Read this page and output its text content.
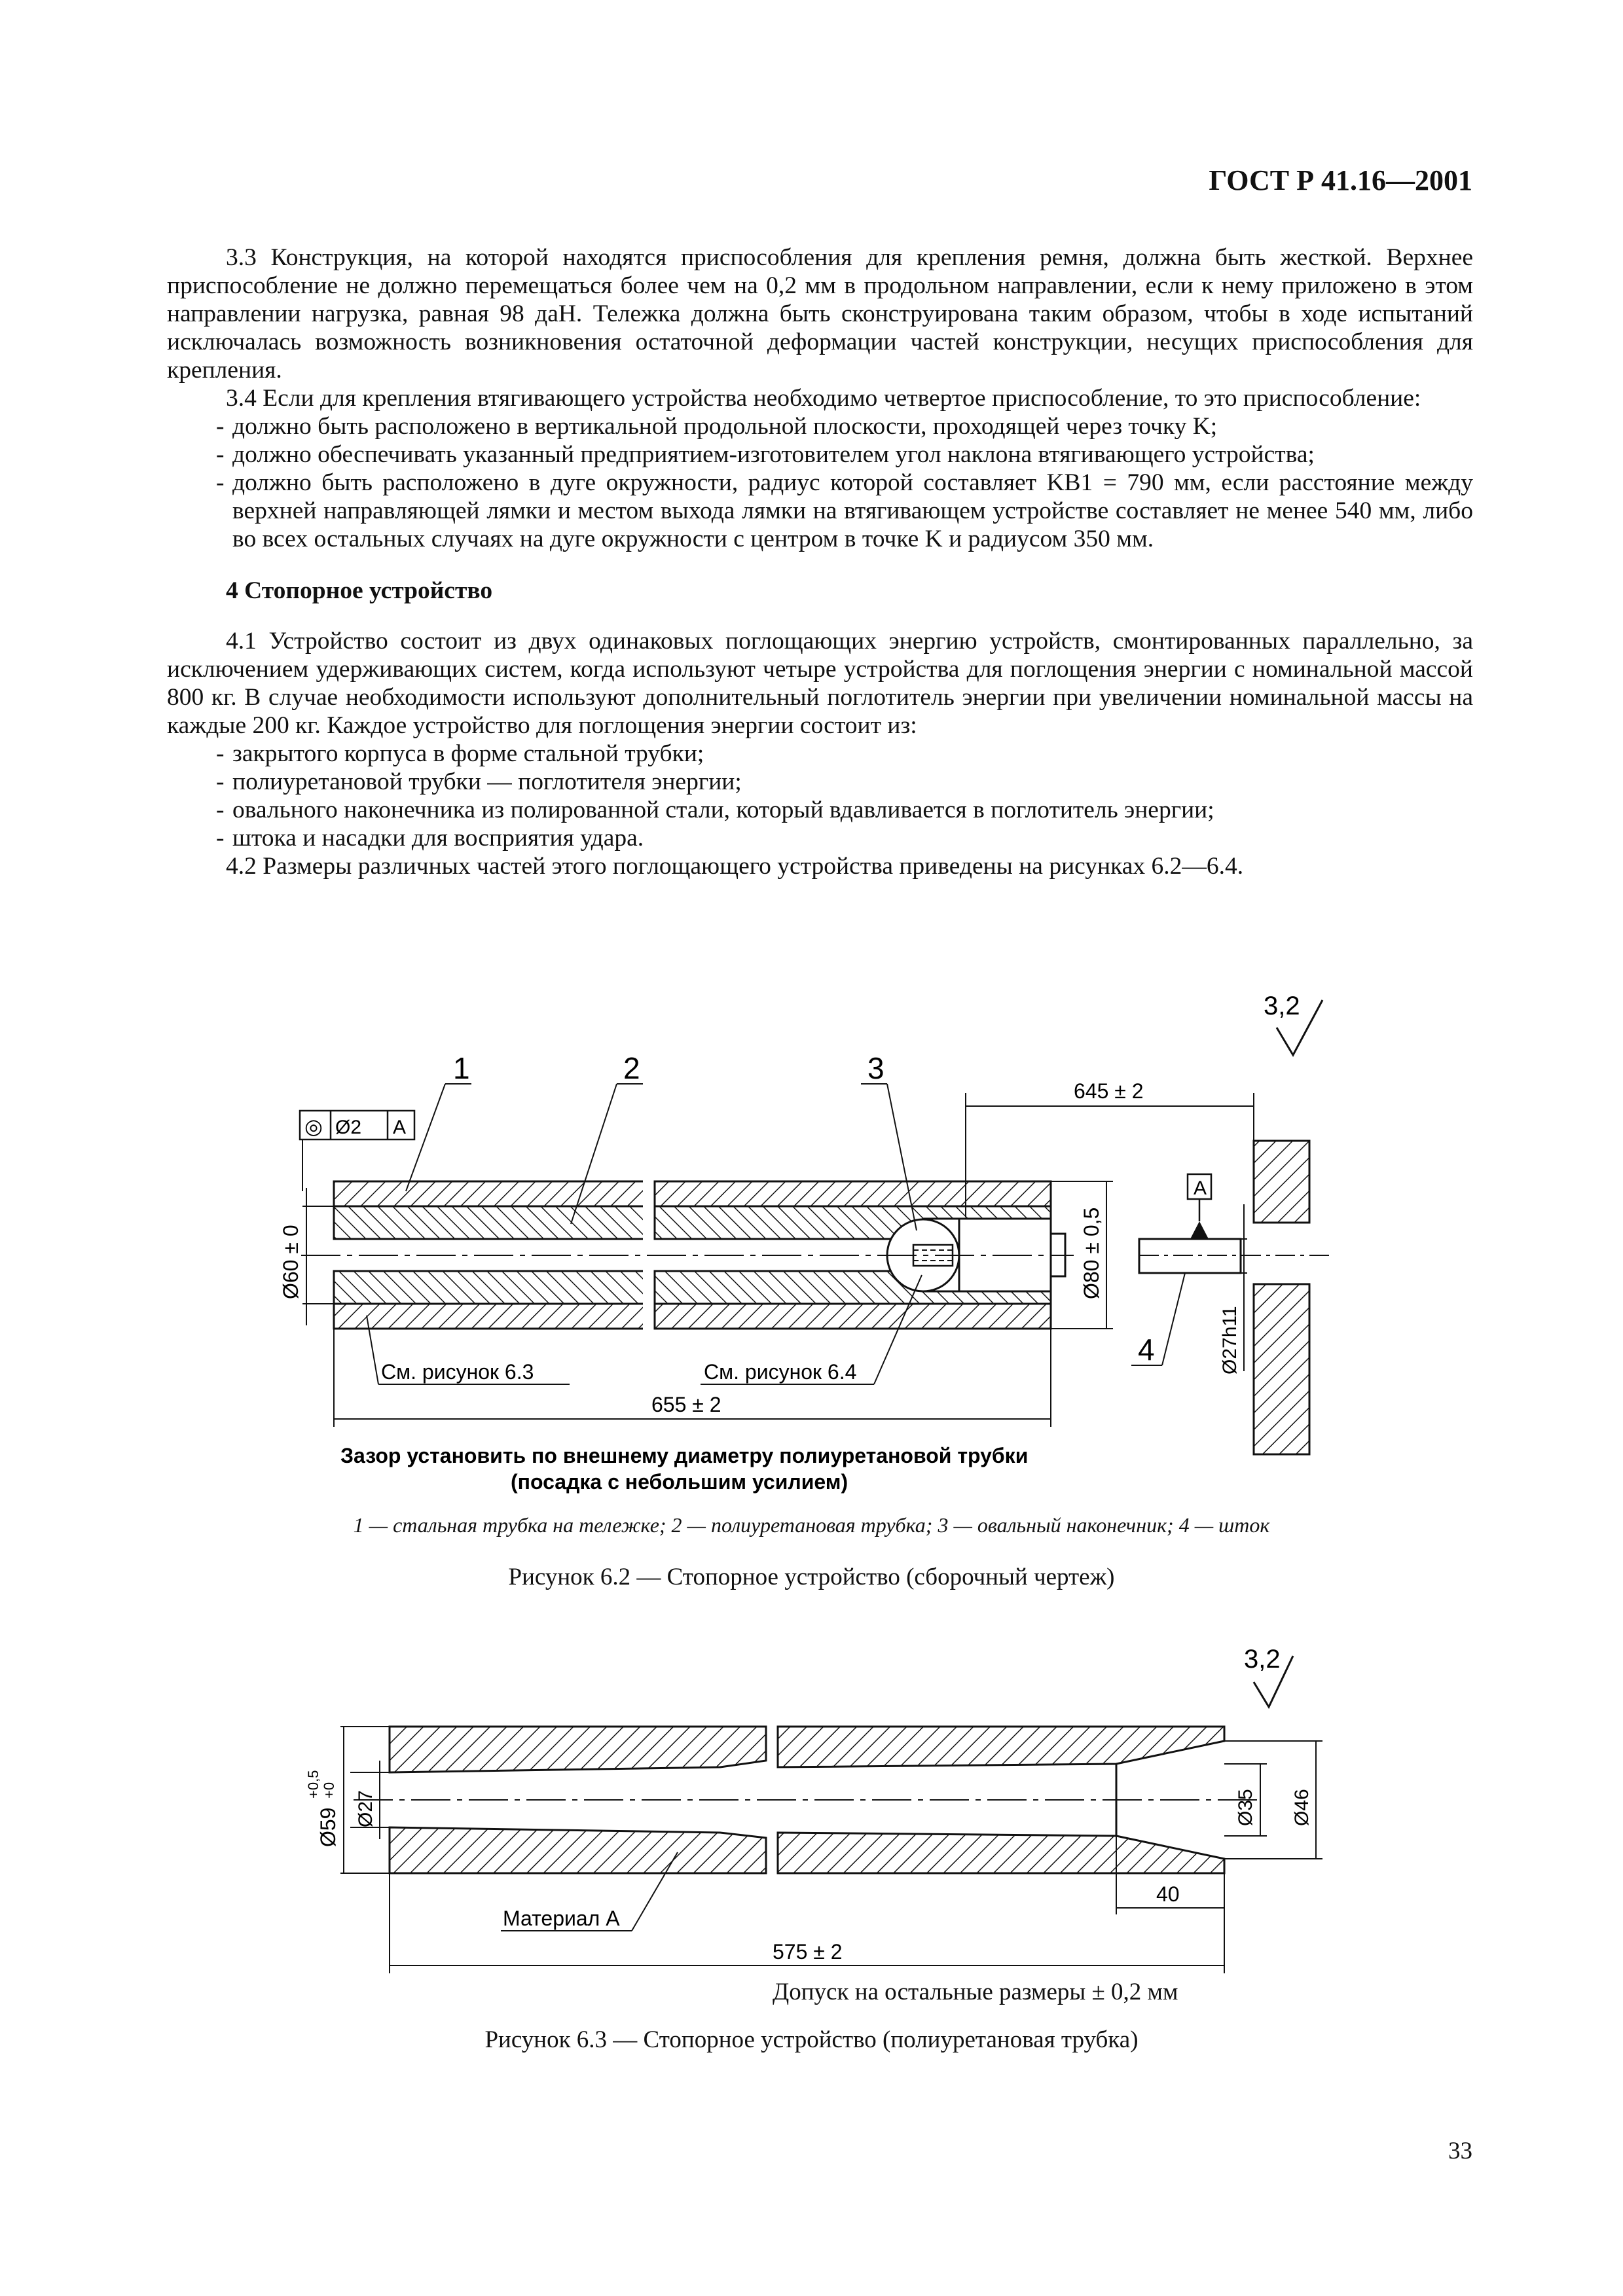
ГОСТ Р 41.16—2001

3.3 Конструкция, на которой находятся приспособления для крепления ремня, должна быть жесткой. Верхнее приспособление не должно перемещаться более чем на 0,2 мм в продольном направлении, если к нему приложено в этом направлении нагрузка, равная 98 даН. Тележка должна быть сконструирована таким образом, чтобы в ходе испытаний исключалась возможность возникновения остаточной деформации частей конструкции, несущих приспособления для крепления.

3.4 Если для крепления втягивающего устройства необходимо четвертое приспособление, то это приспособление:

- должно быть расположено в вертикальной продольной плоскости, проходящей через точку K;

- должно обеспечивать указанный предприятием-изготовителем угол наклона втягивающего устройства;

- должно быть расположено в дуге окружности, радиус которой составляет KB1 = 790 мм, если расстояние между верхней направляющей лямки и местом выхода лямки на втягивающем устройстве составляет не менее 540 мм, либо во всех остальных случаях на дуге окружности с центром в точке K и радиусом 350 мм.

4 Стопорное устройство

4.1 Устройство состоит из двух одинаковых поглощающих энергию устройств, смонтированных параллельно, за исключением удерживающих систем, когда используют четыре устройства для поглощения энергии с номинальной массой 800 кг. В случае необходимости используют дополнительный поглотитель энергии при увеличении номинальной массы на каждые 200 кг. Каждое устройство для поглощения энергии состоит из:

- закрытого корпуса в форме стальной трубки;

- полиуретановой трубки — поглотителя энергии;

- овального наконечника из полированной стали, который вдавливается в поглотитель энергии;

- штока и насадки для восприятия удара.

4.2 Размеры различных частей этого поглощающего устройства приведены на рисунках 6.2—6.4.

3,2
A
◎ Ø2 A
Ø60 ± 0	Ø80 ± 0,5
Ø27h11
645 ± 2
655 ± 2
См. рисунок 6.3	См. рисунок 6.4
1	2	3
4
Зазор установить по внешнему диаметру полиуретановой трубки
(посадка с небольшим усилием)
1 — стальная трубка на тележке; 2 — полиуретановая трубка; 3 — овальный наконечник; 4 — шток
Рисунок 6.2 — Стопорное устройство (сборочный чертеж)
3,2
Ø59
+0,5 +0 Ø27	Ø35 Ø46
40
575 ± 2
Материал А
Допуск на остальные размеры ± 0,2 мм
Рисунок 6.3 — Стопорное устройство (полиуретановая трубка)
33
